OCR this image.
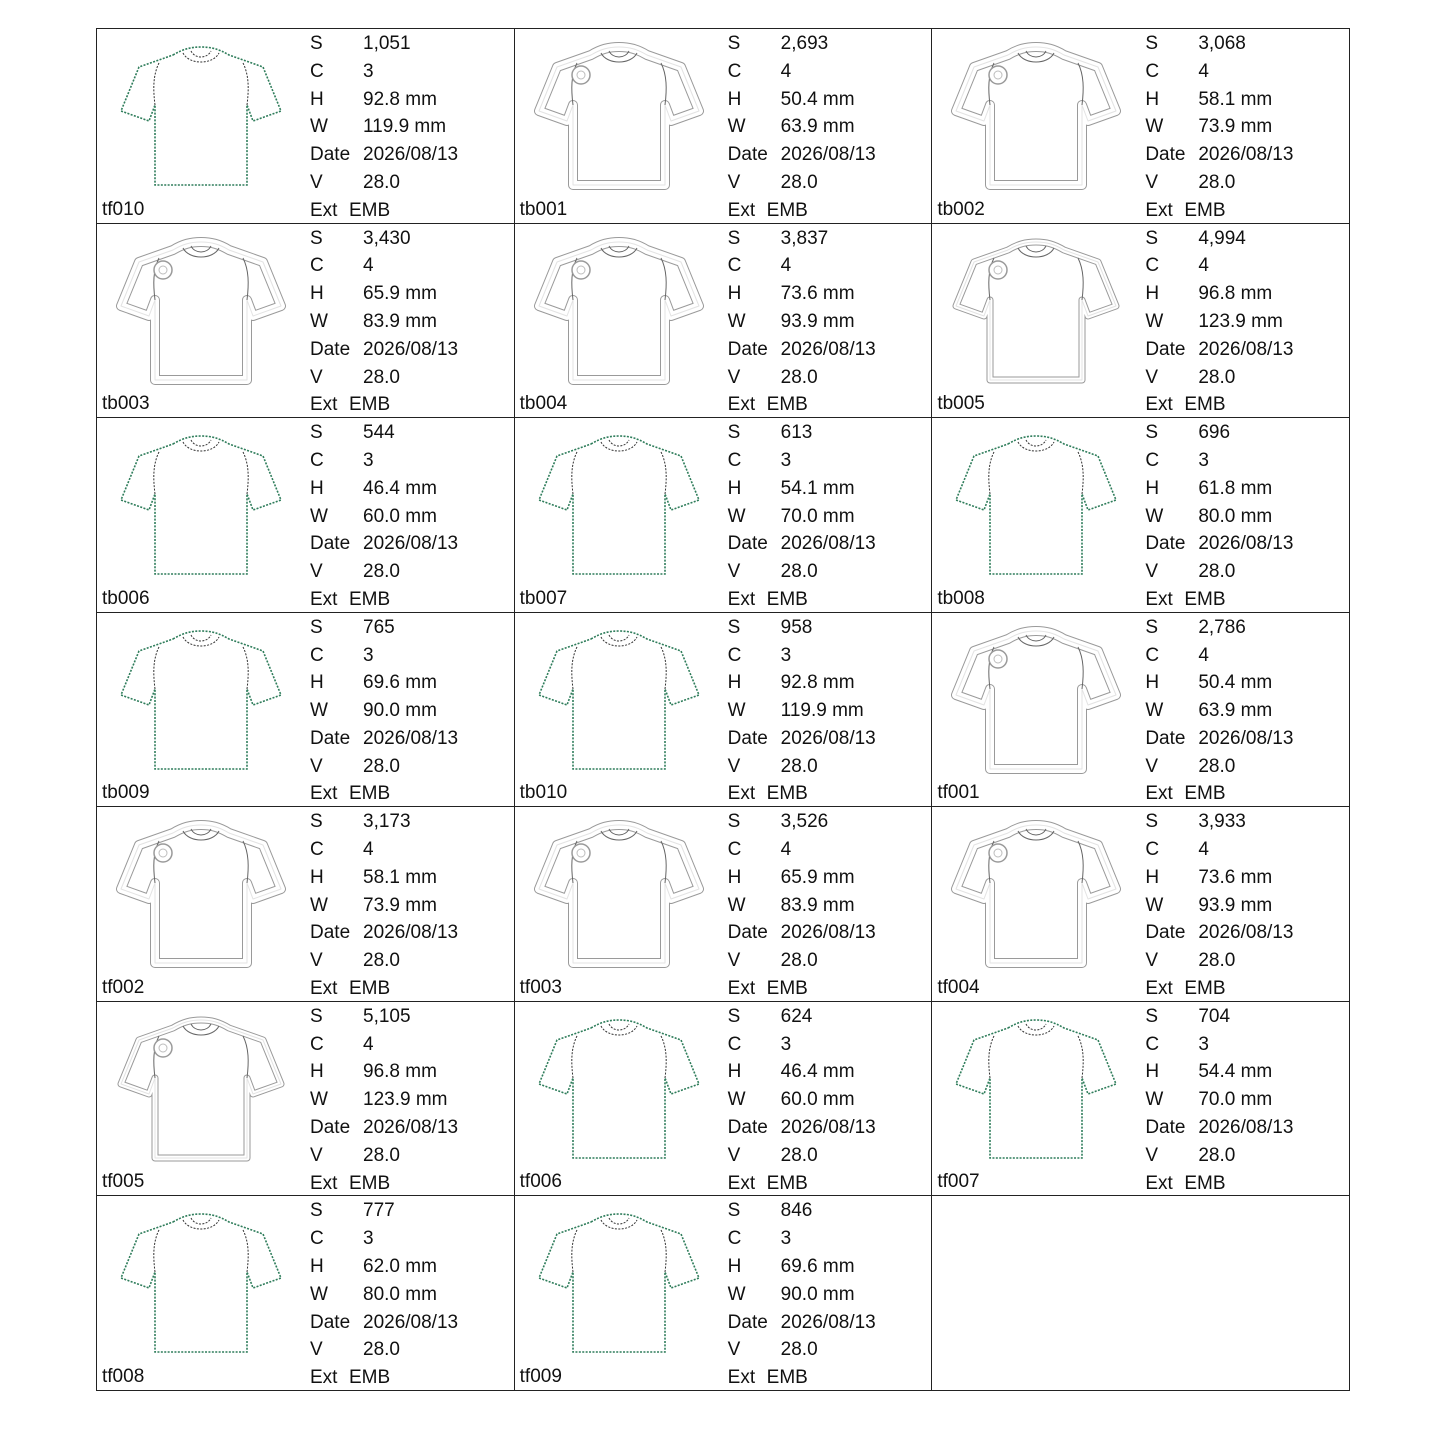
S 1,051
C 3
H 92.8 mm
W 119.9 mm
Date 2026/08/13
V 28.0
Ext EMB
tf010
S 2,693
C 4
H 50.4 mm
W 63.9 mm
Date 2026/08/13
V 28.0
Ext EMB
tb001
S 3,068
C 4
H 58.1 mm
W 73.9 mm
Date 2026/08/13
V 28.0
Ext EMB
tb002
S 3,430
C 4
H 65.9 mm
W 83.9 mm
Date 2026/08/13
V 28.0
Ext EMB
tb003
S 3,837
C 4
H 73.6 mm
W 93.9 mm
Date 2026/08/13
V 28.0
Ext EMB
tb004
S 4,994
C 4
H 96.8 mm
W 123.9 mm
Date 2026/08/13
V 28.0
Ext EMB
tb005
S 544
C 3
H 46.4 mm
W 60.0 mm
Date 2026/08/13
V 28.0
Ext EMB
tb006
S 613
C 3
H 54.1 mm
W 70.0 mm
Date 2026/08/13
V 28.0
Ext EMB
tb007
S 696
C 3
H 61.8 mm
W 80.0 mm
Date 2026/08/13
V 28.0
Ext EMB
tb008
S 765
C 3
H 69.6 mm
W 90.0 mm
Date 2026/08/13
V 28.0
Ext EMB
tb009
S 958
C 3
H 92.8 mm
W 119.9 mm
Date 2026/08/13
V 28.0
Ext EMB
tb010
S 2,786
C 4
H 50.4 mm
W 63.9 mm
Date 2026/08/13
V 28.0
Ext EMB
tf001
S 3,173
C 4
H 58.1 mm
W 73.9 mm
Date 2026/08/13
V 28.0
Ext EMB
tf002
S 3,526
C 4
H 65.9 mm
W 83.9 mm
Date 2026/08/13
V 28.0
Ext EMB
tf003
S 3,933
C 4
H 73.6 mm
W 93.9 mm
Date 2026/08/13
V 28.0
Ext EMB
tf004
S 5,105
C 4
H 96.8 mm
W 123.9 mm
Date 2026/08/13
V 28.0
Ext EMB
tf005
S 624
C 3
H 46.4 mm
W 60.0 mm
Date 2026/08/13
V 28.0
Ext EMB
tf006
S 704
C 3
H 54.4 mm
W 70.0 mm
Date 2026/08/13
V 28.0
Ext EMB
tf007
S 777
C 3
H 62.0 mm
W 80.0 mm
Date 2026/08/13
V 28.0
Ext EMB
tf008
S 846
C 3
H 69.6 mm
W 90.0 mm
Date 2026/08/13
V 28.0
Ext EMB
tf009
